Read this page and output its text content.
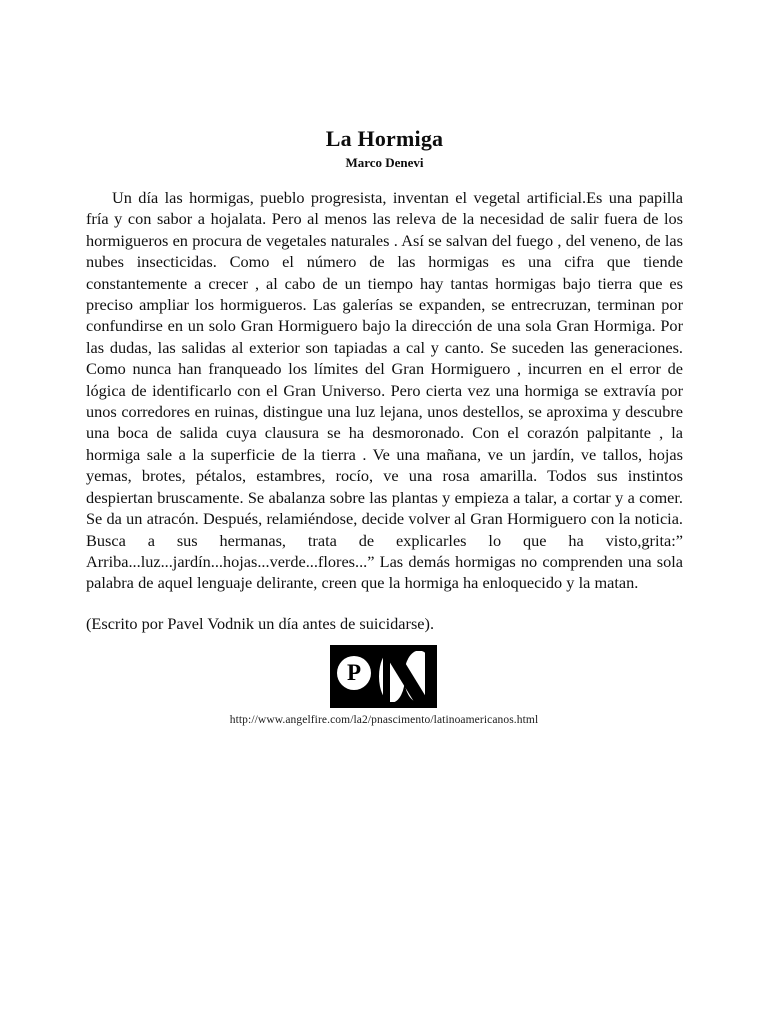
La Hormiga
Marco Denevi

Un día las hormigas, pueblo progresista, inventan el vegetal artificial.Es una papilla fría y con sabor a hojalata. Pero al menos las releva de la necesidad de salir fuera de los hormigueros en procura de vegetales naturales . Así se salvan del fuego , del veneno, de las nubes insecticidas. Como el número de las hormigas es una cifra que tiende constantemente a crecer , al cabo de un tiempo hay tantas hormigas bajo tierra que es preciso ampliar los hormigueros. Las galerías se expanden, se entrecruzan, terminan por confundirse en un solo Gran Hormiguero bajo la dirección de una sola Gran Hormiga. Por las dudas, las salidas al exterior son tapiadas a cal y canto. Se suceden las generaciones. Como nunca han franqueado los límites del Gran Hormiguero , incurren en el error de lógica de identificarlo con el Gran Universo. Pero cierta vez una hormiga se extravía por unos corredores en ruinas, distingue una luz lejana, unos destellos, se aproxima y descubre una boca de salida cuya clausura se ha desmoronado. Con el corazón palpitante , la hormiga sale a la superficie de la tierra . Ve una mañana, ve un jardín, ve tallos, hojas yemas, brotes, pétalos, estambres, rocío, ve una rosa amarilla. Todos sus instintos despiertan bruscamente. Se abalanza sobre las plantas y empieza a talar, a cortar y a comer. Se da un atracón. Después, relamiéndose, decide volver al Gran Hormiguero con la noticia. Busca a sus hermanas, trata de explicarles lo que ha visto,grita:” Arriba...luz...jardín...hojas...verde...flores...” Las demás hormigas no comprenden una sola palabra de aquel lenguaje delirante, creen que la hormiga ha enloquecido y la matan.

(Escrito por Pavel Vodnik un día antes de suicidarse).

P
http://www.angelfire.com/la2/pnascimento/latinoamericanos.html
